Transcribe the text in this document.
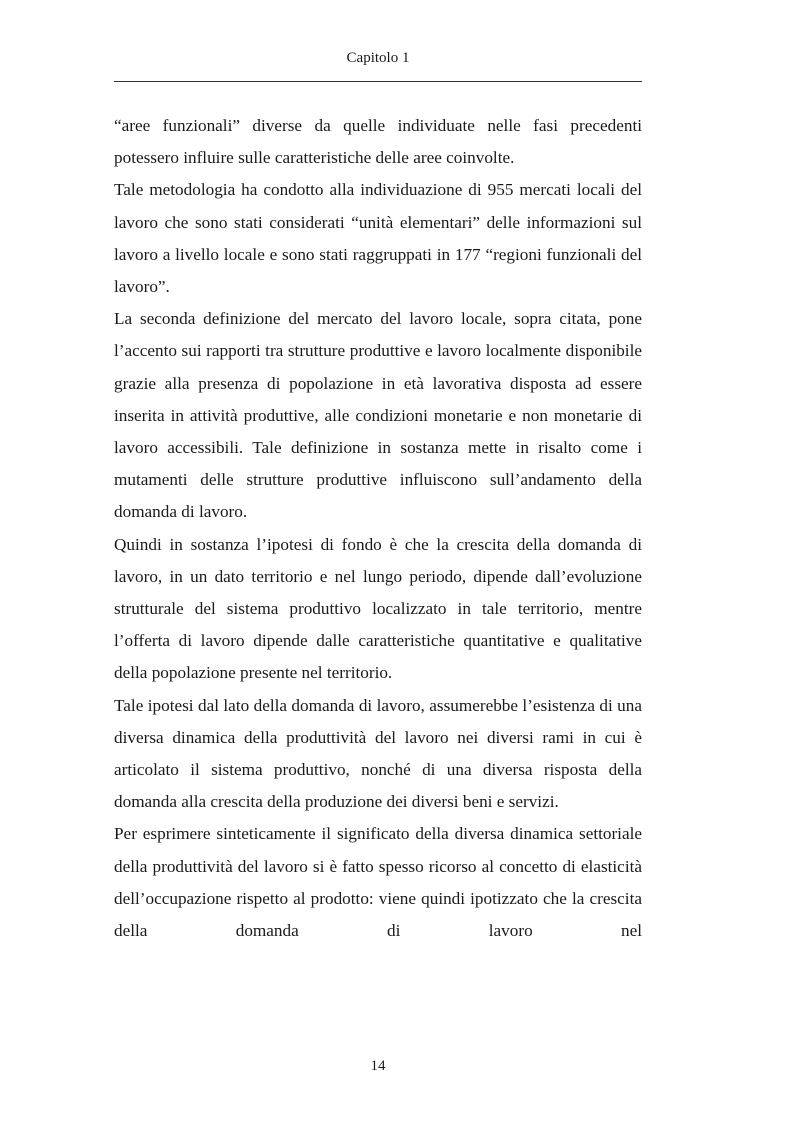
Capitolo 1

“aree funzionali” diverse da quelle individuate nelle fasi precedenti potessero influire sulle caratteristiche delle aree coinvolte.

Tale metodologia ha condotto alla individuazione di 955 mercati locali del lavoro che sono stati considerati “unità elementari” delle informazioni sul lavoro a livello locale e sono stati raggruppati in 177 “regioni funzionali del lavoro”.

La seconda definizione del mercato del lavoro locale, sopra citata, pone l’accento sui rapporti tra strutture produttive e lavoro localmente disponibile grazie alla presenza di popolazione in età lavorativa disposta ad essere inserita in attività produttive, alle condizioni monetarie e non monetarie di lavoro accessibili. Tale definizione in sostanza mette in risalto come i mutamenti delle strutture produttive influiscono sull’andamento della domanda di lavoro.

Quindi in sostanza l’ipotesi di fondo è che la crescita della domanda di lavoro, in un dato territorio e nel lungo periodo, dipende dall’evoluzione strutturale del sistema produttivo localizzato in tale territorio, mentre l’offerta di lavoro dipende dalle caratteristiche quantitative e qualitative della popolazione presente nel territorio.

Tale ipotesi dal lato della domanda di lavoro, assumerebbe l’esistenza di una diversa dinamica della produttività del lavoro nei diversi rami in cui è articolato il sistema produttivo, nonché di una diversa risposta della domanda alla crescita della produzione dei diversi beni e servizi.

Per esprimere sinteticamente il significato della diversa dinamica settoriale della produttività del lavoro si è fatto spesso ricorso al concetto di elasticità dell’occupazione rispetto al prodotto: viene quindi ipotizzato che la crescita della domanda di lavoro nel

14
